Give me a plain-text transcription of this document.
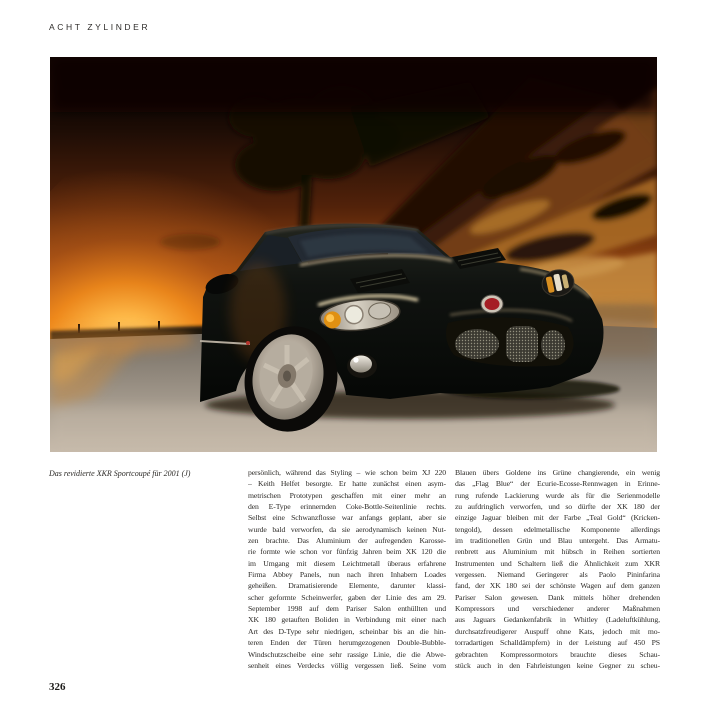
ACHT ZYLINDER
Das revidierte XKR Sportcoupé für 2001 (J)	persönlich, während das Styling – wie schon beim XJ 220
– Keith Helfet besorgte. Er hatte zunächst einen asym-
metrischen Prototypen geschaffen mit einer mehr an
den E-Type erinnernden Coke-Bottle-Seitenlinie rechts.
Selbst eine Schwanzflosse war anfangs geplant, aber sie
wurde bald verworfen, da sie aerodynamisch keinen Nut-
zen brachte. Das Aluminium der aufregenden Karosse-
rie formte wie schon vor fünfzig Jahren beim XK 120 die
im Umgang mit diesem Leichtmetall überaus erfahrene
Firma Abbey Panels, nun nach ihren Inhabern Loades
geheißen. Dramatisierende Elemente, darunter klassi-
scher geformte Scheinwerfer, gaben der Linie des am 29.
September 1998 auf dem Pariser Salon enthüllten und
XK 180 getauften Boliden in Verbindung mit einer nach
Art des D-Type sehr niedrigen, scheinbar bis an die hin-
teren Enden der Türen herumgezogenen Double-Bubble-
Windschutzscheibe eine sehr rassige Linie, die die Abwe-
senheit eines Verdecks völlig vergessen ließ. Seine vom
Blauen übers Goldene ins Grüne changierende, ein wenig
das „Flag Blue“ der Ecurie-Ecosse-Rennwagen in Erinne-
rung rufende Lackierung wurde als für die Serienmodelle
zu aufdringlich verworfen, und so dürfte der XK 180 der
einzige Jaguar bleiben mit der Farbe „Teal Gold“ (Kricken-
tengold), dessen edelmetallische Komponente allerdings
im traditionellen Grün und Blau untergeht. Das Armatu-
renbrett aus Aluminium mit hübsch in Reihen sortierten
Instrumenten und Schaltern ließ die Ähnlichkeit zum XKR
vergessen. Niemand Geringerer als Paolo Pininfarina
fand, der XK 180 sei der schönste Wagen auf dem ganzen
Pariser Salon gewesen. Dank mittels höher drehenden
Kompressors und verschiedener anderer Maßnahmen
aus Jaguars Gedankenfabrik in Whitley (Ladeluftkühlung,
durchsatzfreudigerer Auspuff ohne Kats, jedoch mit mo-
torradartigen Schalldämpfern) in der Leistung auf 450 PS
gebrachten Kompressormotors brauchte dieses Schau-
stück auch in den Fahrleistungen keine Gegner zu scheu-
326
